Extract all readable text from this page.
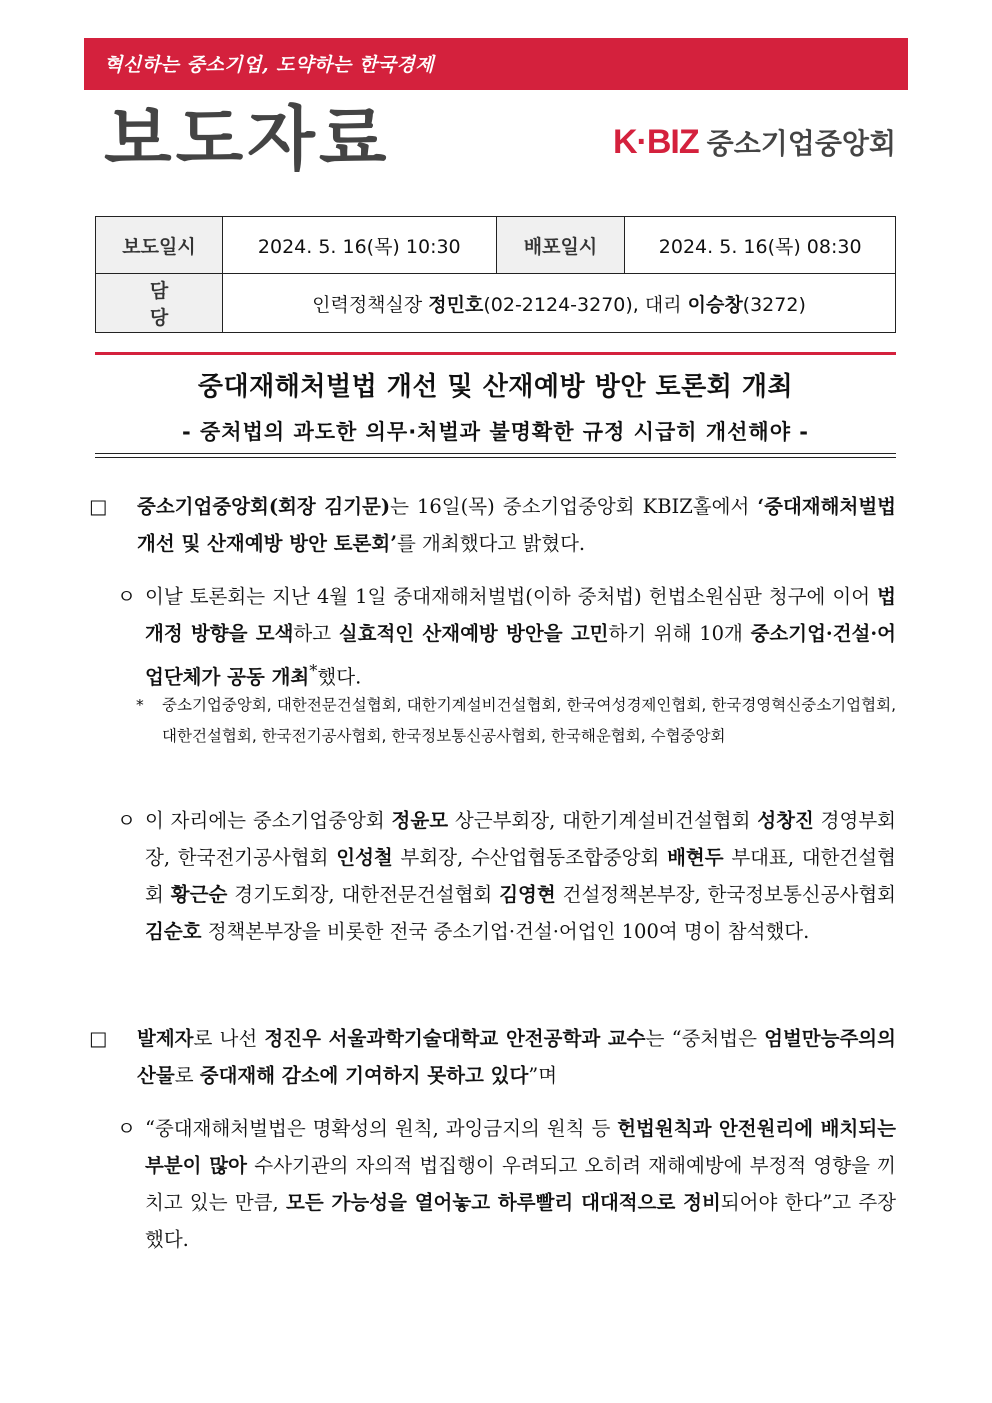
혁신하는 중소기업, 도약하는 한국경제
보도자료	K·BIZ 중소기업중앙회
보도일시	2024. 5. 16(목) 10:30	배포일시	2024. 5. 16(목) 08:30
담당	인력정책실장 정민호(02-2124-3270), 대리 이승창(3272)		
중대재해처벌법 개선 및 산재예방 방안 토론회 개최
- 중처법의 과도한 의무·처벌과 불명확한 규정 시급히 개선해야 -

□ 중소기업중앙회(회장 김기문)는 16일(목) 중소기업중앙회 KBIZ홀에서 ‘중대재해처벌법 개선 및 산재예방 방안 토론회’를 개최했다고 밝혔다.

ㅇ 이날 토론회는 지난 4월 1일 중대재해처벌법(이하 중처법) 헌법소원심판 청구에 이어 법 개정 방향을 모색하고 실효적인 산재예방 방안을 고민하기 위해 10개 중소기업·건설·어업단체가 공동 개최*했다.

* 중소기업중앙회, 대한전문건설협회, 대한기계설비건설협회, 한국여성경제인협회, 한국경영혁신중소기업협회, 대한건설협회, 한국전기공사협회, 한국정보통신공사협회, 한국해운협회, 수협중앙회

ㅇ 이 자리에는 중소기업중앙회 정윤모 상근부회장, 대한기계설비건설협회 성창진 경영부회장, 한국전기공사협회 인성철 부회장, 수산업협동조합중앙회 배현두 부대표, 대한건설협회 황근순 경기도회장, 대한전문건설협회 김영현 건설정책본부장, 한국정보통신공사협회 김순호 정책본부장을 비롯한 전국 중소기업·건설·어업인 100여 명이 참석했다.

□ 발제자로 나선 정진우 서울과학기술대학교 안전공학과 교수는 “중처법은 엄벌만능주의의 산물로 중대재해 감소에 기여하지 못하고 있다”며

ㅇ “중대재해처벌법은 명확성의 원칙, 과잉금지의 원칙 등 헌법원칙과 안전원리에 배치되는 부분이 많아 수사기관의 자의적 법집행이 우려되고 오히려 재해예방에 부정적 영향을 끼치고 있는 만큼, 모든 가능성을 열어놓고 하루빨리 대대적으로 정비되어야 한다”고 주장했다.
